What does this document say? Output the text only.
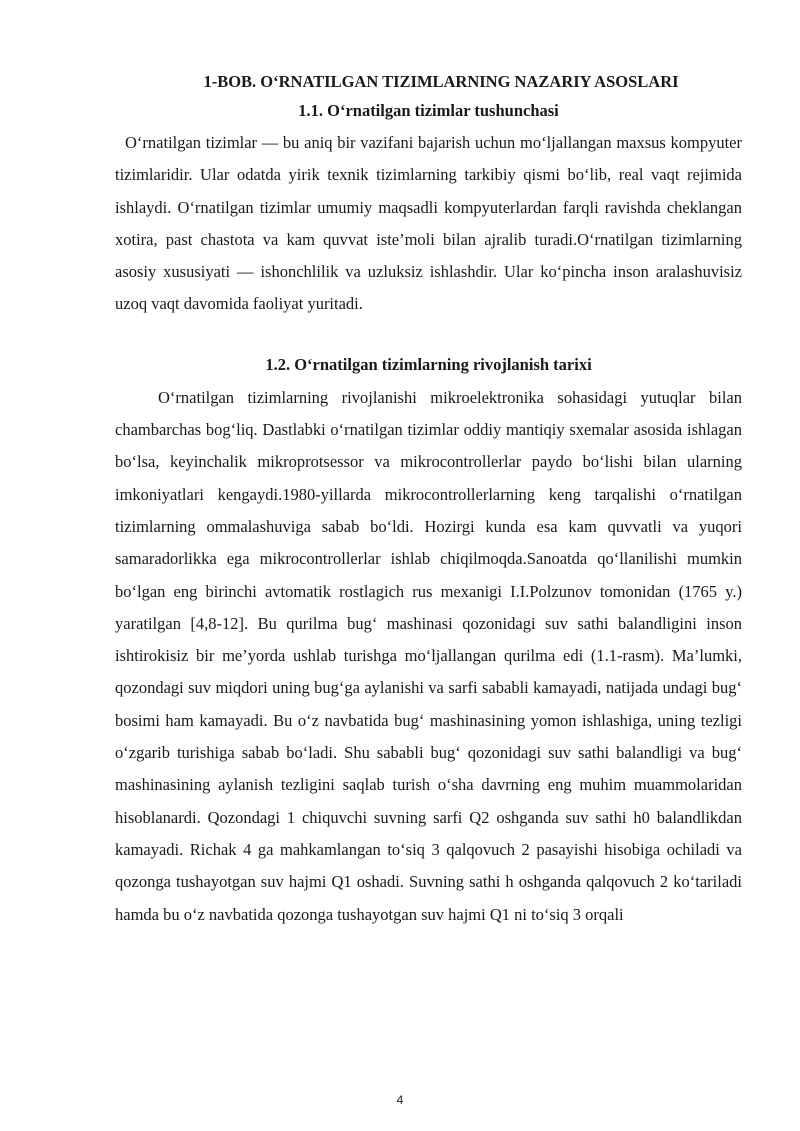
1-BOB. O‘RNATILGAN TIZIMLARNING NAZARIY ASOSLARI
1.1. O‘rnatilgan tizimlar tushunchasi

O‘rnatilgan tizimlar — bu aniq bir vazifani bajarish uchun mo‘ljallangan maxsus kompyuter tizimlaridir. Ular odatda yirik texnik tizimlarning tarkibiy qismi bo‘lib, real vaqt rejimida ishlaydi. O‘rnatilgan tizimlar umumiy maqsadli kompyuterlardan farqli ravishda cheklangan xotira, past chastota va kam quvvat iste’moli bilan ajralib turadi.O‘rnatilgan tizimlarning asosiy xususiyati — ishonchlilik va uzluksiz ishlashdir. Ular ko‘pincha inson aralashuvisiz uzoq vaqt davomida faoliyat yuritadi.

1.2. O‘rnatilgan tizimlarning rivojlanish tarixi

O‘rnatilgan tizimlarning rivojlanishi mikroelektronika sohasidagi yutuqlar bilan chambarchas bog‘liq. Dastlabki o‘rnatilgan tizimlar oddiy mantiqiy sxemalar asosida ishlagan bo‘lsa, keyinchalik mikroprotsessor va mikrocontrollerlar paydo bo‘lishi bilan ularning imkoniyatlari kengaydi.1980-yillarda mikrocontrollerlarning keng tarqalishi o‘rnatilgan tizimlarning ommalashuviga sabab bo‘ldi. Hozirgi kunda esa kam quvvatli va yuqori samaradorlikka ega mikrocontrollerlar ishlab chiqilmoqda.Sanoatda qo‘llanilishi mumkin bo‘lgan eng birinchi avtomatik rostlagich rus mexanigi I.I.Polzunov tomonidan (1765 y.) yaratilgan [4,8-12]. Bu qurilma bug‘ mashinasi qozonidagi suv sathi balandligini inson ishtirokisiz bir me’yorda ushlab turishga mo‘ljallangan qurilma edi (1.1-rasm). Ma’lumki, qozondagi suv miqdori uning bug‘ga aylanishi va sarfi sababli kamayadi, natijada undagi bug‘ bosimi ham kamayadi. Bu o‘z navbatida bug‘ mashinasining yomon ishlashiga, uning tezligi o‘zgarib turishiga sabab bo‘ladi. Shu sababli bug‘ qozonidagi suv sathi balandligi va bug‘ mashinasining aylanish tezligini saqlab turish o‘sha davrning eng muhim muammolaridan hisoblanardi. Qozondagi 1 chiquvchi suvning sarfi Q2 oshganda suv sathi h0 balandlikdan kamayadi. Richak 4 ga mahkamlangan to‘siq 3 qalqovuch 2 pasayishi hisobiga ochiladi va qozonga tushayotgan suv hajmi Q1 oshadi. Suvning sathi h oshganda qalqovuch 2 ko‘tariladi hamda bu o‘z navbatida qozonga tushayotgan suv hajmi Q1 ni to‘siq 3 orqali

4
